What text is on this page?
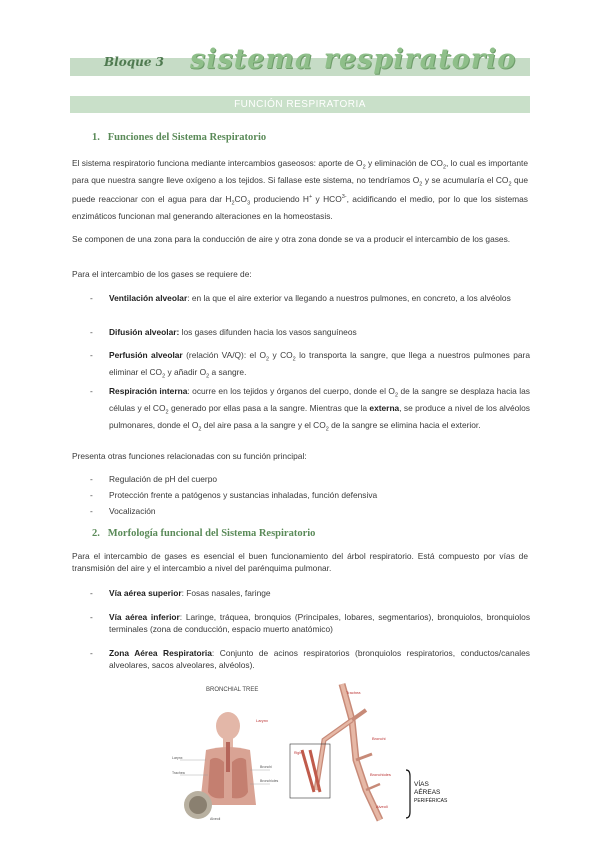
Bloque 3 sistema respiratorio
FUNCIÓN RESPIRATORIA
1. Funciones del Sistema Respiratorio
El sistema respiratorio funciona mediante intercambios gaseosos: aporte de $O_2$ y eliminación de $CO_2$, lo cual es importante para que nuestra sangre lleve oxígeno a los tejidos. Si fallase este sistema, no tendríamos $O_2$ y se acumularía el $CO_2$ que puede reaccionar con el agua para dar $H_2CO_3$ produciendo H+ y $HCO^{3-}$, acidificando el medio, por lo que los sistemas enzimáticos funcionan mal generando alteraciones en la homeostasis.
Se componen de una zona para la conducción de aire y otra zona donde se va a producir el intercambio de los gases.
Para el intercambio de los gases se requiere de:
- Ventilación alveolar: en la que el aire exterior va llegando a nuestros pulmones, en concreto, a los alvéolos
- Difusión alveolar: los gases difunden hacia los vasos sanguíneos
- Perfusión alveolar (relación VA/Q): el $O_2$ y $CO_2$ lo transporta la sangre, que llega a nuestros pulmones para eliminar el $CO_2$ y añadir $O_2$ a sangre.
- Respiración interna: ocurre en los tejidos y órganos del cuerpo, donde el $O_2$ de la sangre se desplaza hacia las células y el $CO_2$ generado por ellas pasa a la sangre. Mientras que la externa, se produce a nivel de los alvéolos pulmonares, donde el $O_2$ del aire pasa a la sangre y el $CO_2$ de la sangre se elimina hacia el exterior.
Presenta otras funciones relacionadas con su función principal:
- Regulación de pH del cuerpo
- Protección frente a patógenos y sustancias inhaladas, función defensiva
- Vocalización
2. Morfología funcional del Sistema Respiratorio
Para el intercambio de gases es esencial el buen funcionamiento del árbol respiratorio. Está compuesto por vías de transmisión del aire y el intercambio a nivel del parénquima pulmonar.
- Vía aérea superior: Fosas nasales, faringe
- Vía aérea inferior: Laringe, tráquea, bronquios (Principales, lobares, segmentarios), bronquiolos, bronquiolos terminales (zona de conducción, espacio muerto anatómico)
- Zona Aérea Respiratoria: Conjunto de acinos respiratorios (bronquiolos respiratorios, conductos/canales alveolares, sacos alveolares, alvéolos).
BRONCHIAL TREE
Larynx
Trachea
Larynx
Bronchi
Bronchioles
Alveoli
Trachea
Bronchi
Bronchioles
Alveoli
Right
VÍAS
AÉREAS
PERIFÉRICAS
